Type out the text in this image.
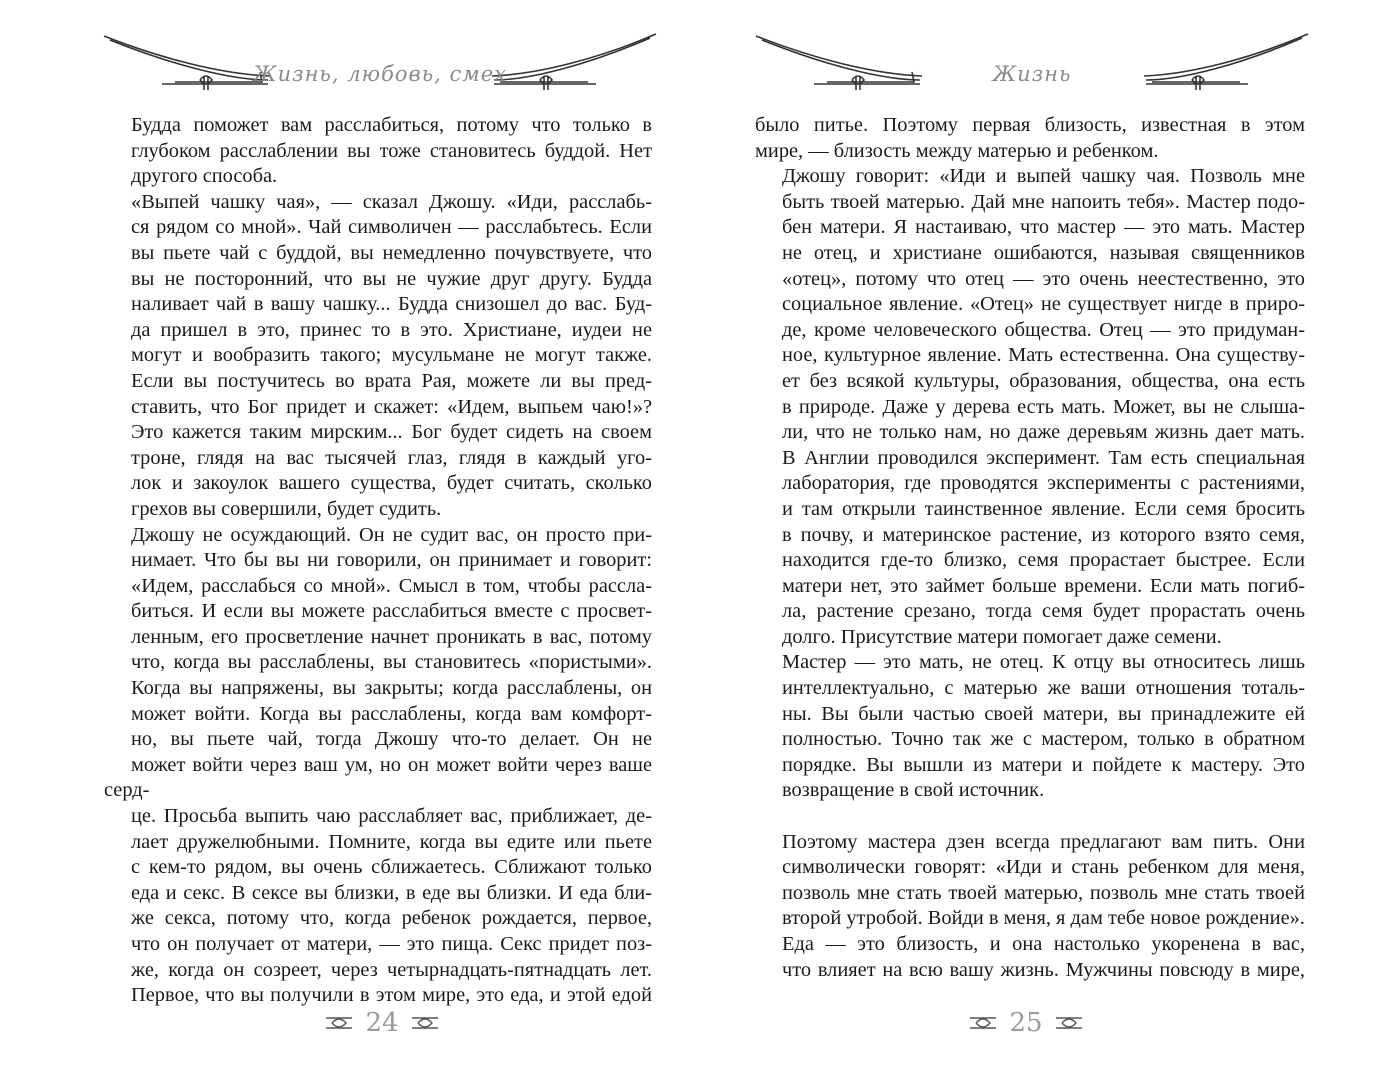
Жизнь, любовь, смех

Будда поможет вам расслабиться, потому что только в
глубоком расслаблении вы тоже становитесь буддой. Нет
другого способа.

«Выпей чашку чая», — сказал Джошу. «Иди, расслабь-
ся рядом со мной». Чай символичен — расслабьтесь. Если
вы пьете чай с буддой, вы немедленно почувствуете, что
вы не посторонний, что вы не чужие друг другу. Будда
наливает чай в вашу чашку... Будда снизошел до вас. Буд-
да пришел в это, принес то в это. Христиане, иудеи не
могут и вообразить такого; мусульмане не могут также.
Если вы постучитесь во врата Рая, можете ли вы пред-
ставить, что Бог придет и скажет: «Идем, выпьем чаю!»?
Это кажется таким мирским... Бог будет сидеть на своем
троне, глядя на вас тысячей глаз, глядя в каждый уго-
лок и закоулок вашего существа, будет считать, сколько
грехов вы совершили, будет судить.

Джошу не осуждающий. Он не судит вас, он просто при-
нимает. Что бы вы ни говорили, он принимает и говорит:
«Идем, расслабься со мной». Смысл в том, чтобы рассла-
биться. И если вы можете расслабиться вместе с просвет-
ленным, его просветление начнет проникать в вас, потому
что, когда вы расслаблены, вы становитесь «пористыми».
Когда вы напряжены, вы закрыты; когда расслаблены, он
может войти. Когда вы расслаблены, когда вам комфорт-
но, вы пьете чай, тогда Джошу что-то делает. Он не
может войти через ваш ум, но он может войти через ваше серд-
це. Просьба выпить чаю расслабляет вас, приближает, де-
лает дружелюбными. Помните, когда вы едите или пьете
с кем-то рядом, вы очень сближаетесь. Сближают только
еда и секс. В сексе вы близки, в еде вы близки. И еда бли-
же секса, потому что, когда ребенок рождается, первое,
что он получает от матери, — это пища. Секс придет поз-
же, когда он созреет, через четырнадцать-пятнадцать лет.
Первое, что вы получили в этом мире, это еда, и этой едой

24
Жизнь

было питье. Поэтому первая близость, известная в этом
мире, — близость между матерью и ребенком.

Джошу говорит: «Иди и выпей чашку чая. Позволь мне
быть твоей матерью. Дай мне напоить тебя». Мастер подо-
бен матери. Я настаиваю, что мастер — это мать. Мастер
не отец, и христиане ошибаются, называя священников
«отец», потому что отец — это очень неестественно, это
социальное явление. «Отец» не существует нигде в приро-
де, кроме человеческого общества. Отец — это придуман-
ное, культурное явление. Мать естественна. Она существу-
ет без всякой культуры, образования, общества, она есть
в природе. Даже у дерева есть мать. Может, вы не слыша-
ли, что не только нам, но даже деревьям жизнь дает мать.
В Англии проводился эксперимент. Там есть специальная
лаборатория, где проводятся эксперименты с растениями,
и там открыли таинственное явление. Если семя бросить
в почву, и материнское растение, из которого взято семя,
находится где-то близко, семя прорастает быстрее. Если
матери нет, это займет больше времени. Если мать погиб-
ла, растение срезано, тогда семя будет прорастать очень
долго. Присутствие матери помогает даже семени.

Мастер — это мать, не отец. К отцу вы относитесь лишь
интеллектуально, с матерью же ваши отношения тоталь-
ны. Вы были частью своей матери, вы принадлежите ей
полностью. Точно так же с мастером, только в обратном
порядке. Вы вышли из матери и пойдете к мастеру. Это
возвращение в свой источник.

Поэтому мастера дзен всегда предлагают вам пить. Они
символически говорят: «Иди и стань ребенком для меня,
позволь мне стать твоей матерью, позволь мне стать твоей
второй утробой. Войди в меня, я дам тебе новое рождение».

Еда — это близость, и она настолько укоренена в вас,
что влияет на всю вашу жизнь. Мужчины повсюду в мире,

25
